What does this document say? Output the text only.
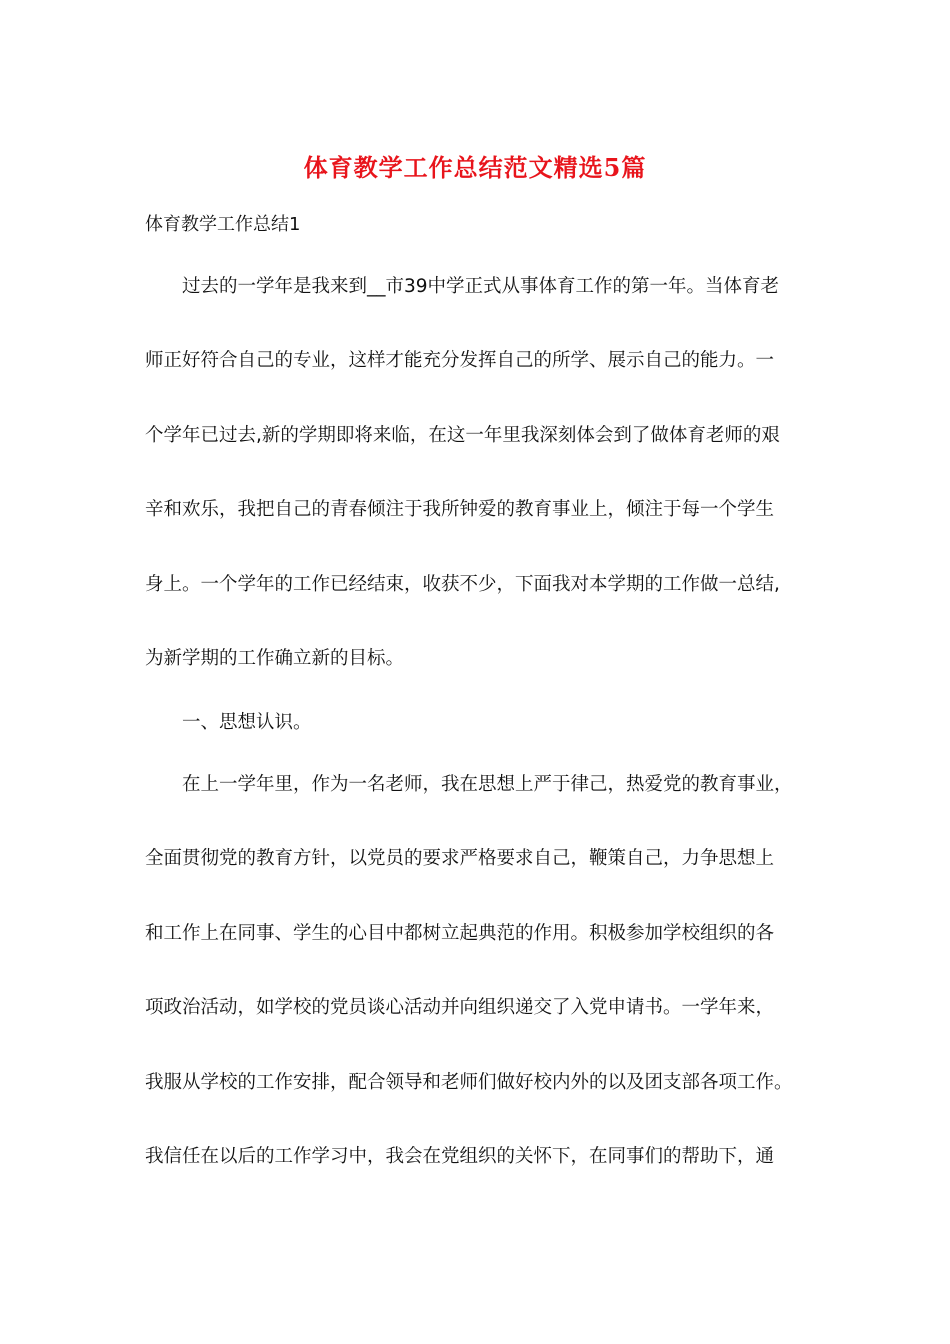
体育教学工作总结范文精选5篇

体育教学工作总结1

过去的一学年是我来到__市39中学正式从事体育工作的第一年。当体育老

师正好符合自己的专业，这样才能充分发挥自己的所学、展示自己的能力。一

个学年已过去,新的学期即将来临，在这一年里我深刻体会到了做体育老师的艰

辛和欢乐，我把自己的青春倾注于我所钟爱的教育事业上，倾注于每一个学生

身上。一个学年的工作已经结束，收获不少，下面我对本学期的工作做一总结,

为新学期的工作确立新的目标。

一、思想认识。

在上一学年里，作为一名老师，我在思想上严于律己，热爱党的教育事业，

全面贯彻党的教育方针，以党员的要求严格要求自己，鞭策自己，力争思想上

和工作上在同事、学生的心目中都树立起典范的作用。积极参加学校组织的各

项政治活动，如学校的党员谈心活动并向组织递交了入党申请书。一学年来，

我服从学校的工作安排，配合领导和老师们做好校内外的以及团支部各项工作。

我信任在以后的工作学习中，我会在党组织的关怀下，在同事们的帮助下，通
